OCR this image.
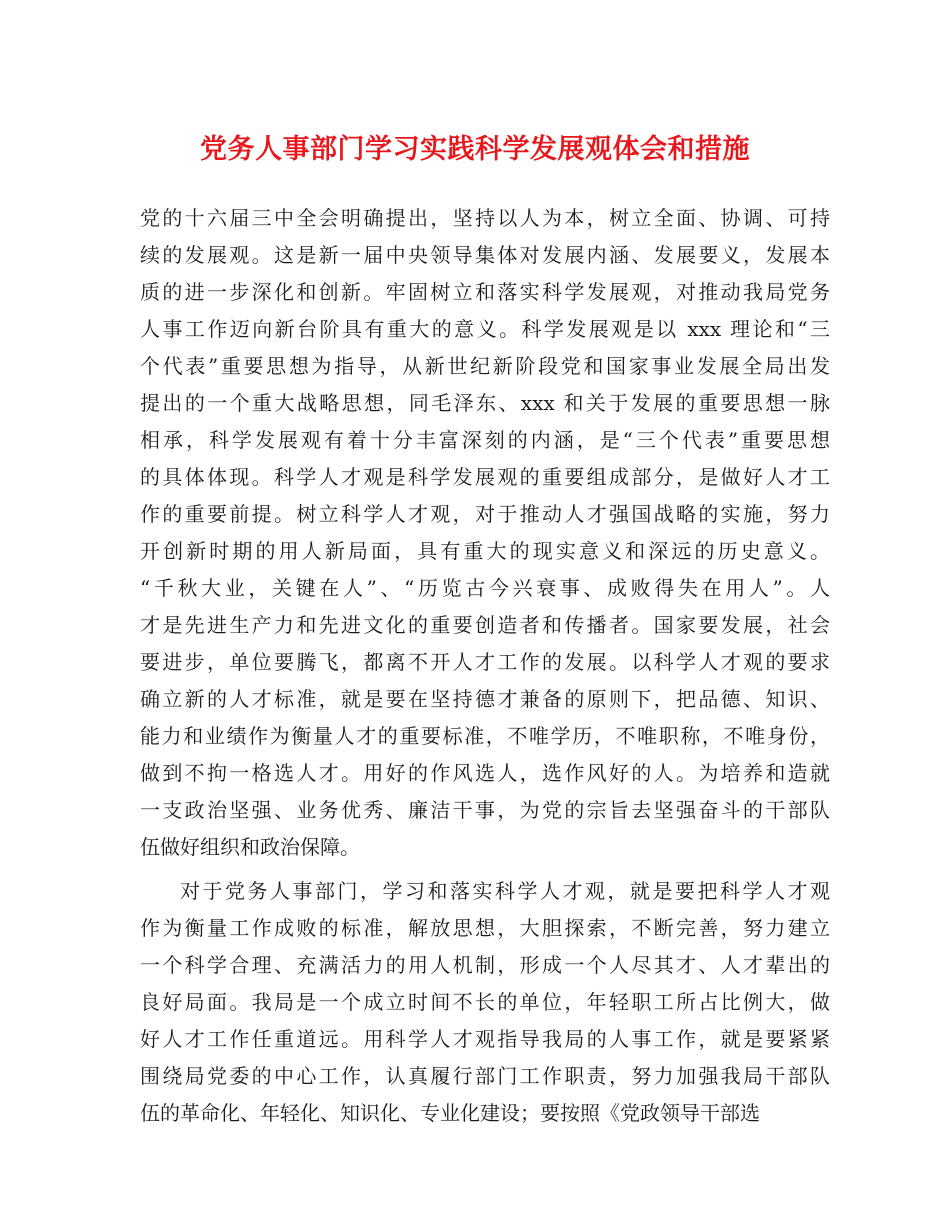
党务人事部门学习实践科学发展观体会和措施
党的十六届三中全会明确提出，坚持以人为本，树立全面、协调、可持
续的发展观。这是新一届中央领导集体对发展内涵、发展要义，发展本
质的进一步深化和创新。牢固树立和落实科学发展观，对推动我局党务
人事工作迈向新台阶具有重大的意义。科学发展观是以 xxx 理论和“三
个代表”重要思想为指导，从新世纪新阶段党和国家事业发展全局出发
提出的一个重大战略思想，同毛泽东、xxx 和关于发展的重要思想一脉
相承，科学发展观有着十分丰富深刻的内涵，是“三个代表”重要思想
的具体体现。科学人才观是科学发展观的重要组成部分，是做好人才工
作的重要前提。树立科学人才观，对于推动人才强国战略的实施，努力
开创新时期的用人新局面，具有重大的现实意义和深远的历史意义。
“千秋大业，关键在人”、“历览古今兴衰事、成败得失在用人”。人
才是先进生产力和先进文化的重要创造者和传播者。国家要发展，社会
要进步，单位要腾飞，都离不开人才工作的发展。以科学人才观的要求
确立新的人才标准，就是要在坚持德才兼备的原则下，把品德、知识、
能力和业绩作为衡量人才的重要标准，不唯学历，不唯职称，不唯身份，
做到不拘一格选人才。用好的作风选人，选作风好的人。为培养和造就
一支政治坚强、业务优秀、廉洁干事，为党的宗旨去坚强奋斗的干部队
伍做好组织和政治保障。
对于党务人事部门，学习和落实科学人才观，就是要把科学人才观
作为衡量工作成败的标准，解放思想，大胆探索，不断完善，努力建立
一个科学合理、充满活力的用人机制，形成一个人尽其才、人才辈出的
良好局面。我局是一个成立时间不长的单位，年轻职工所占比例大，做
好人才工作任重道远。用科学人才观指导我局的人事工作，就是要紧紧
围绕局党委的中心工作，认真履行部门工作职责，努力加强我局干部队
伍的革命化、年轻化、知识化、专业化建设；要按照《党政领导干部选
